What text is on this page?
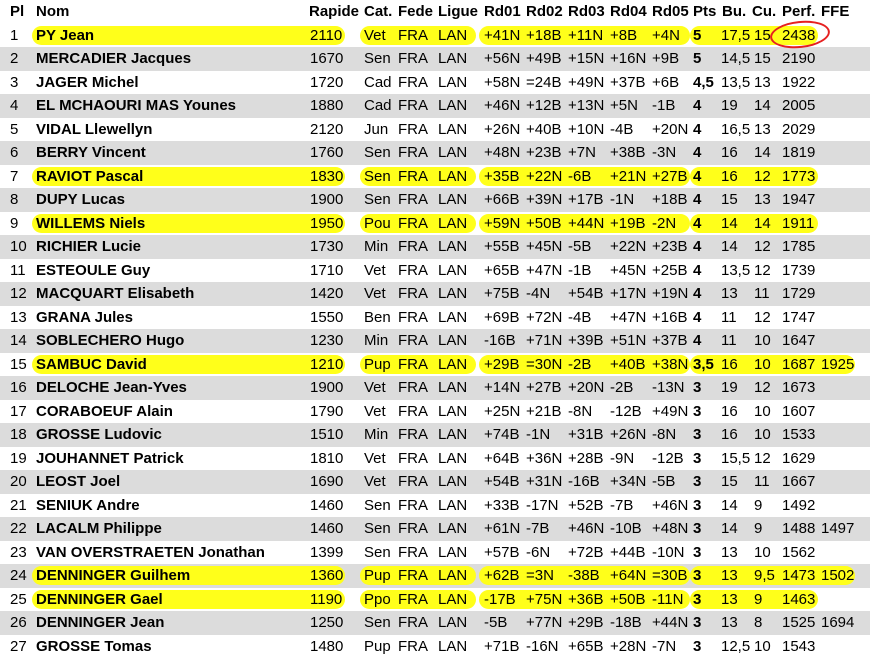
Pl Nom	Rapide Cat. Fede Ligue Rd01 Rd02 Rd03 Rd04 Rd05 Pts Bu. Cu. Perf. FFE
1 PY Jean	2110 Vet FRA LAN +41N +18B +11N +8B +4N 5 17,5 15 2438
2 MERCADIER Jacques	1670 Sen FRA LAN +56N +49B +15N +16N +9B 5 14,5 15 2190
3 JAGER Michel	1720 Cad FRA LAN +58N =24B +49N +37B +6B 4,5 13,5 13 1922
4 EL MCHAOURI MAS Younes	1880 Cad FRA LAN +46N +12B +13N +5N -1B 4 19 14 2005
5 VIDAL Llewellyn	2120 Jun FRA LAN +26N +40B +10N -4B +20N 4 16,5 13 2029
6 BERRY Vincent	1760 Sen FRA LAN +48N +23B +7N +38B -3N 4 16 14 1819
7 RAVIOT Pascal	1830 Sen FRA LAN +35B +22N -6B +21N +27B 4 16 12 1773
8 DUPY Lucas	1900 Sen FRA LAN +66B +39N +17B -1N +18B 4 15 13 1947
9 WILLEMS Niels	1950 Pou FRA LAN +59N +50B +44N +19B -2N 4 14 14 1911
10 RICHIER Lucie	1730 Min FRA LAN +55B +45N -5B +22N +23B 4 14 12 1785
11 ESTEOULE Guy	1710 Vet FRA LAN +65B +47N -1B +45N +25B 4 13,5 12 1739
12 MACQUART Elisabeth	1420 Vet FRA LAN +75B -4N +54B +17N +19N 4 13 11 1729
13 GRANA Jules	1550 Ben FRA LAN +69B +72N -4B +47N +16B 4 11 12 1747
14 SOBLECHERO Hugo	1230 Min FRA LAN -16B +71N +39B +51N +37B 4 11 10 1647
15 SAMBUC David	1210 Pup FRA LAN +29B =30N -2B +40B +38N 3,5 16 10 1687 1925
16 DELOCHE Jean-Yves	1900 Vet FRA LAN +14N +27B +20N -2B -13N 3 19 12 1673
17 CORABOEUF Alain	1790 Vet FRA LAN +25N +21B -8N -12B +49N 3 16 10 1607
18 GROSSE Ludovic	1510 Min FRA LAN +74B -1N +31B +26N -8N 3 16 10 1533
19 JOUHANNET Patrick	1810 Vet FRA LAN +64B +36N +28B -9N -12B 3 15,5 12 1629
20 LEOST Joel	1690 Vet FRA LAN +54B +31N -16B +34N -5B 3 15 11 1667
21 SENIUK Andre	1460 Sen FRA LAN +33B -17N +52B -7B +46N 3 14 9 1492
22 LACALM Philippe	1460 Sen FRA LAN +61N -7B +46N -10B +48N 3 14 9 1488 1497
23 VAN OVERSTRAETEN Jonathan	1399 Sen FRA LAN +57B -6N +72B +44B -10N 3 13 10 1562
24 DENNINGER Guilhem	1360 Pup FRA LAN +62B =3N -38B +64N =30B 3 13 9,5 1473 1502
25 DENNINGER Gael	1190 Ppo FRA LAN -17B +75N +36B +50B -11N 3 13 9 1463
26 DENNINGER Jean	1250 Sen FRA LAN -5B +77N +29B -18B +44N 3 13 8 1525 1694
27 GROSSE Tomas	1480 Pup FRA LAN +71B -16N +65B +28N -7N 3 12,5 10 1543
